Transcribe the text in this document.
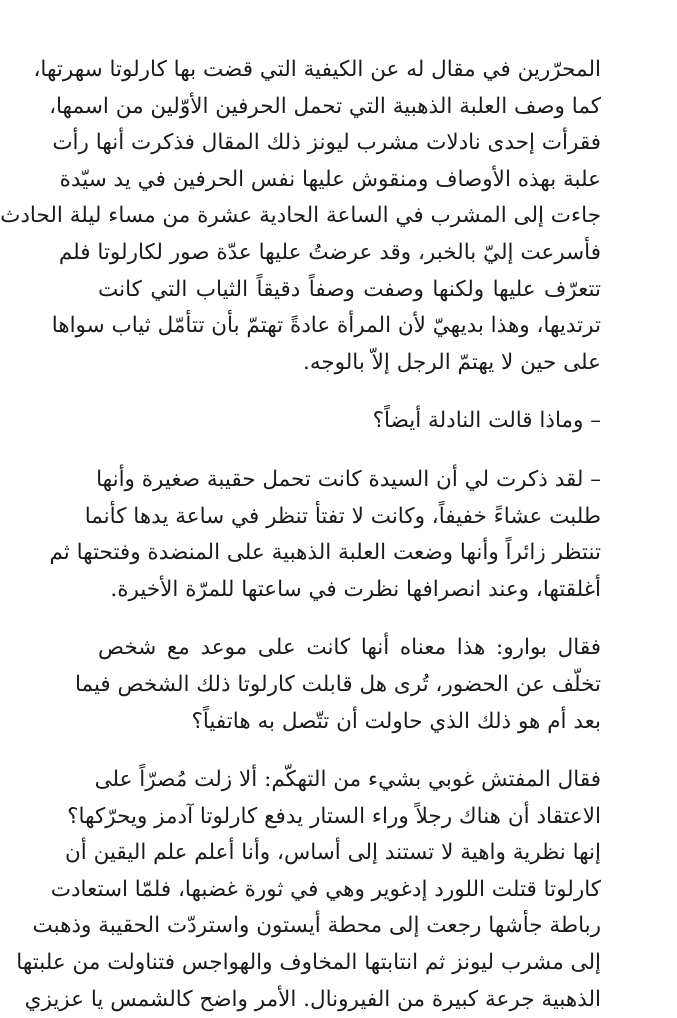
المحرّرين في مقال له عن الكيفية التي قضت بها كارلوتا سهرتها،
كما وصف العلبة الذهبية التي تحمل الحرفين الأوّلين من اسمها،
فقرأت إحدى نادلات مشرب ليونز ذلك المقال فذكرت أنها رأت
علبة بهذه الأوصاف ومنقوش عليها نفس الحرفين في يد سيّدة
جاءت إلى المشرب في الساعة الحادية عشرة من مساء ليلة الحادث
فأسرعت إليّ بالخبر، وقد عرضتُ عليها عدّة صور لكارلوتا فلم
تتعرّف عليها ولكنها وصفت وصفاً دقيقاً الثياب التي كانت
ترتديها، وهذا بديهيّ لأن المرأة عادةً تهتمّ بأن تتأمّل ثياب سواها
على حين لا يهتمّ الرجل إلاّ بالوجه.

– وماذا قالت النادلة أيضاً؟

– لقد ذكرت لي أن السيدة كانت تحمل حقيبة صغيرة وأنها
طلبت عشاءً خفيفاً، وكانت لا تفتأ تنظر في ساعة يدها كأنما
تنتظر زائراً وأنها وضعت العلبة الذهبية على المنضدة وفتحتها ثم
أغلقتها، وعند انصرافها نظرت في ساعتها للمرّة الأخيرة.

فقال بوارو: هذا معناه أنها كانت على موعد مع شخص
تخلّف عن الحضور، تُرى هل قابلت كارلوتا ذلك الشخص فيما
بعد أم هو ذلك الذي حاولت أن تتّصل به هاتفياً؟

فقال المفتش غوبي بشيء من التهكّم: ألا زلت مُصرّاً على
الاعتقاد أن هناك رجلاً وراء الستار يدفع كارلوتا آدمز ويحرّكها؟
إنها نظرية واهية لا تستند إلى أساس، وأنا أعلم علم اليقين أن
كارلوتا قتلت اللورد إدغوير وهي في ثورة غضبها، فلمّا استعادت
رباطة جأشها رجعت إلى محطة أيستون واستردّت الحقيبة وذهبت
إلى مشرب ليونز ثم انتابتها المخاوف والهواجس فتناولت من علبتها
الذهبية جرعة كبيرة من الفيرونال. الأمر واضح كالشمس يا عزيزي
